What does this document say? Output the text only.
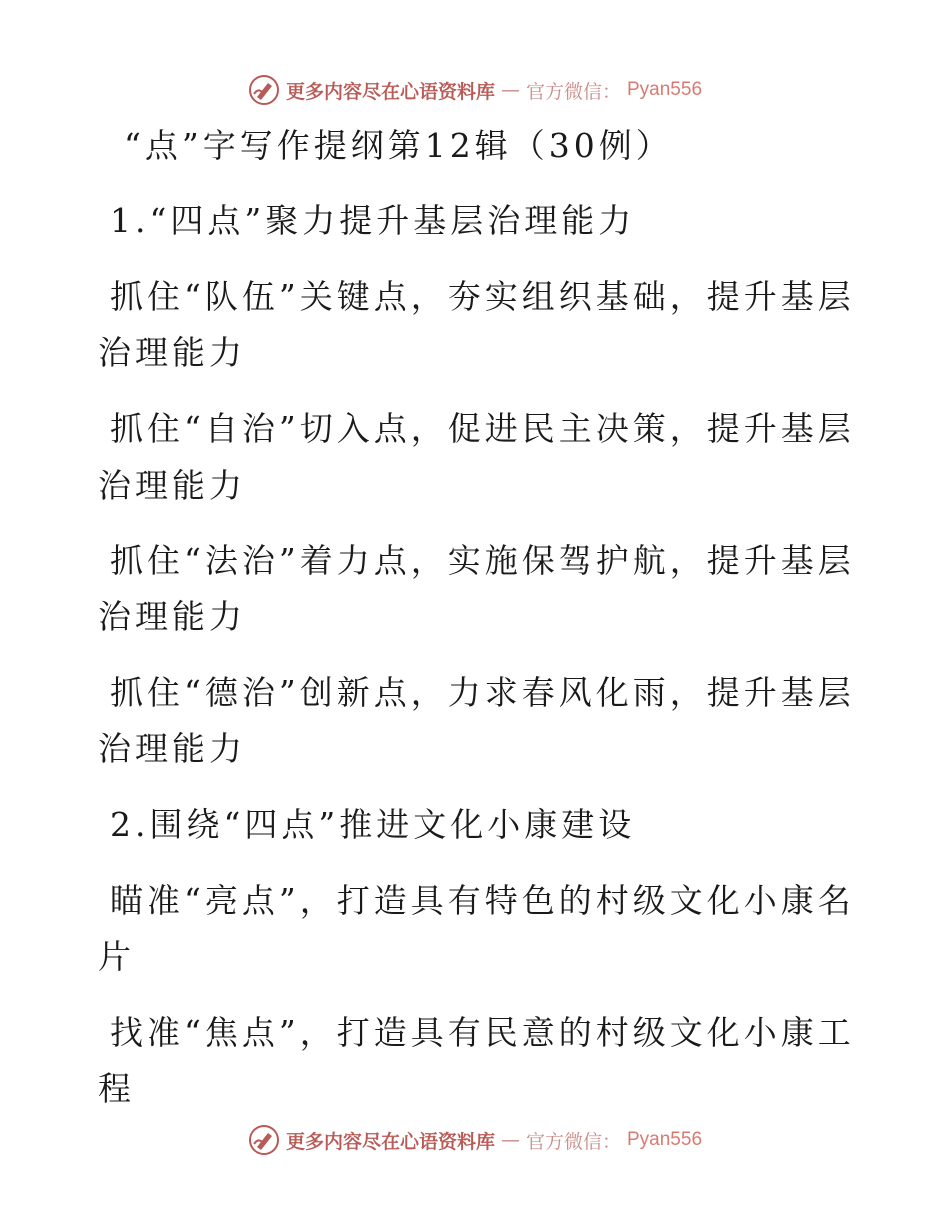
更多内容尽在心语资料库 — 官方微信： Pyan556
“点”字写作提纲第12辑（30例）
1.“四点”聚力提升基层治理能力
抓住“队伍”关键点，夯实组织基础，提升基层
治理能力
抓住“自治”切入点，促进民主决策，提升基层
治理能力
抓住“法治”着力点，实施保驾护航，提升基层
治理能力
抓住“德治”创新点，力求春风化雨，提升基层
治理能力
2.围绕“四点”推进文化小康建设
瞄准“亮点”，打造具有特色的村级文化小康名
片
找准“焦点”，打造具有民意的村级文化小康工
程
更多内容尽在心语资料库 — 官方微信： Pyan556
